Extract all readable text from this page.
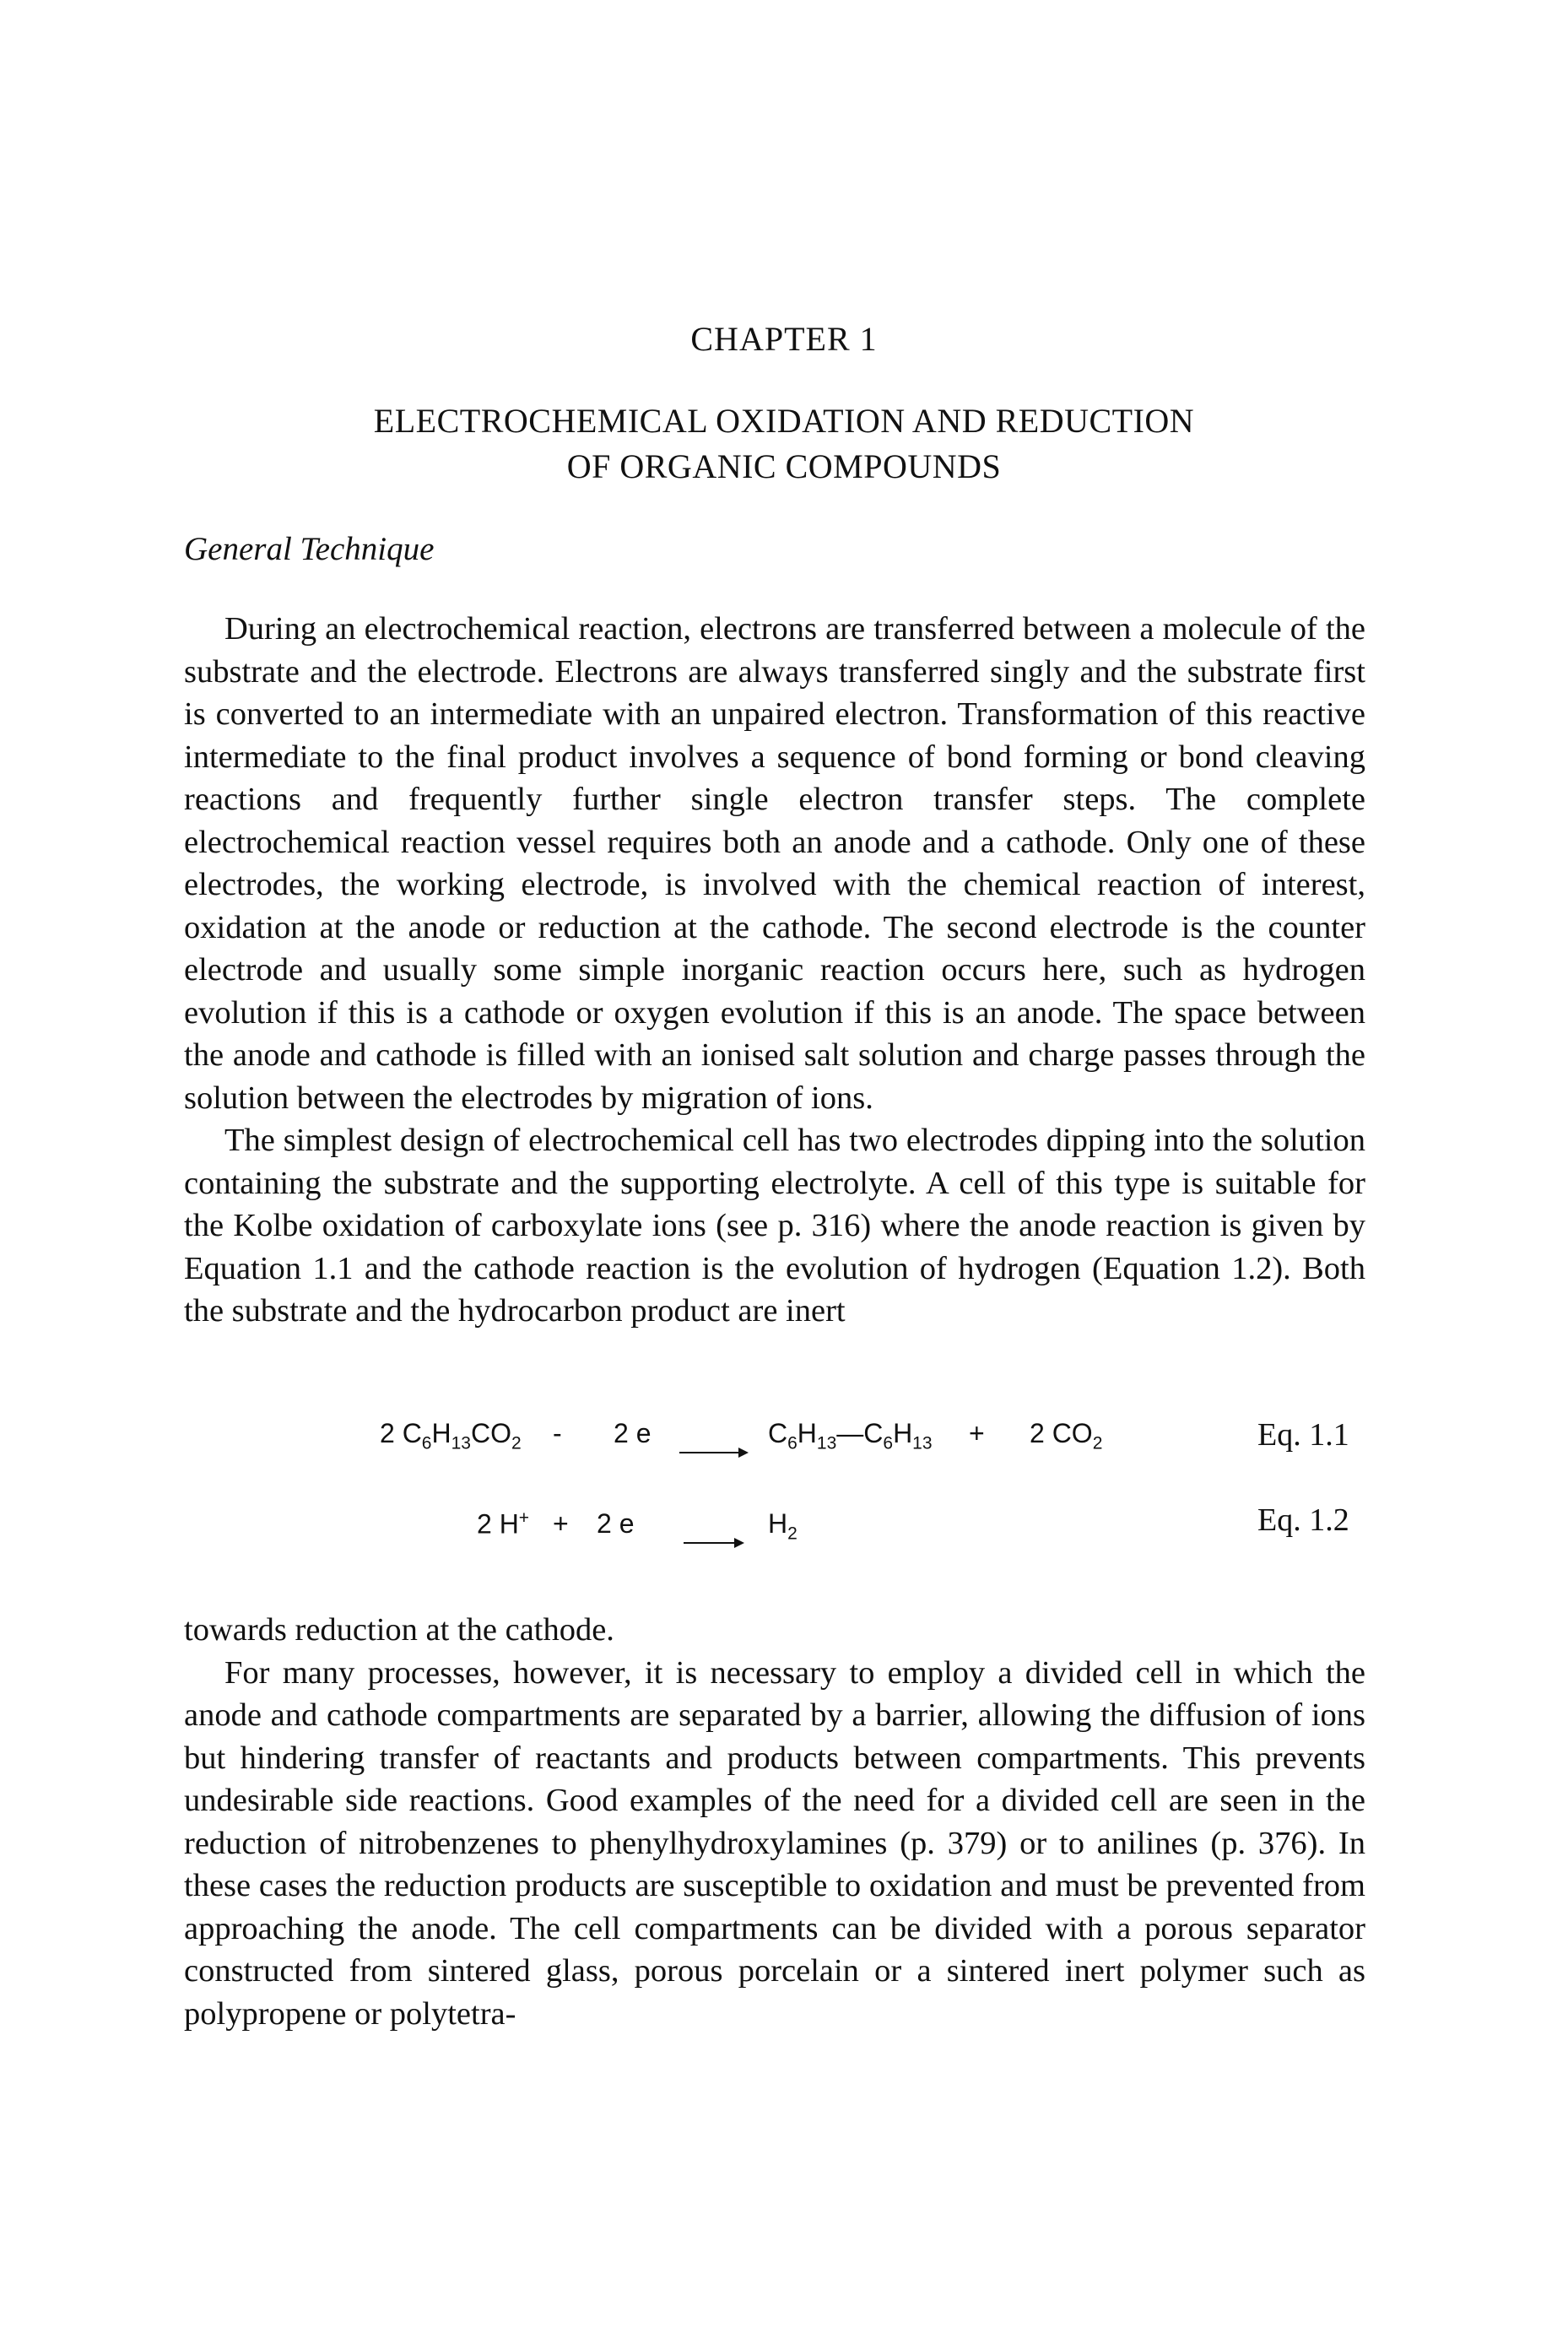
CHAPTER 1
ELECTROCHEMICAL OXIDATION AND REDUCTION
OF ORGANIC COMPOUNDS
General Technique

During an electrochemical reaction, electrons are transferred between a molecule of the substrate and the electrode. Electrons are always transferred singly and the substrate first is converted to an intermediate with an unpaired electron. Transformation of this reactive intermediate to the final product involves a sequence of bond forming or bond cleaving reactions and frequently further single electron transfer steps. The complete electrochemical reaction vessel requires both an anode and a cathode. Only one of these electrodes, the working electrode, is involved with the chemical reaction of interest, oxidation at the anode or reduction at the cathode. The second electrode is the counter electrode and usually some simple inorganic reaction occurs here, such as hydrogen evolution if this is a cathode or oxygen evolution if this is an anode. The space between the anode and cathode is filled with an ionised salt solution and charge passes through the solution between the electrodes by migration of ions.

The simplest design of electrochemical cell has two electrodes dipping into the solution containing the substrate and the supporting electrolyte. A cell of this type is suitable for the Kolbe oxidation of carboxylate ions (see p. 316) where the anode reaction is given by Equation 1.1 and the cathode reaction is the evolution of hydrogen (Equation 1.2). Both the substrate and the hydrocarbon product are inert

2 $C_6H_{13}CO_2 - 2$ e	$C_6H_{13}—C_6H_{13} + 2$ $CO_2$	Eq. 1.1
2 H+ + 2 e	$H_2$	Eq. 1.2

towards reduction at the cathode.

For many processes, however, it is necessary to employ a divided cell in which the anode and cathode compartments are separated by a barrier, allowing the diffusion of ions but hindering transfer of reactants and products between compartments. This prevents undesirable side reactions. Good examples of the need for a divided cell are seen in the reduction of nitrobenzenes to phenylhydroxylamines (p. 379) or to anilines (p. 376). In these cases the reduction products are susceptible to oxidation and must be prevented from approaching the anode. The cell compartments can be divided with a porous separator constructed from sintered glass, porous porcelain or a sintered inert polymer such as polypropene or polytetra-
